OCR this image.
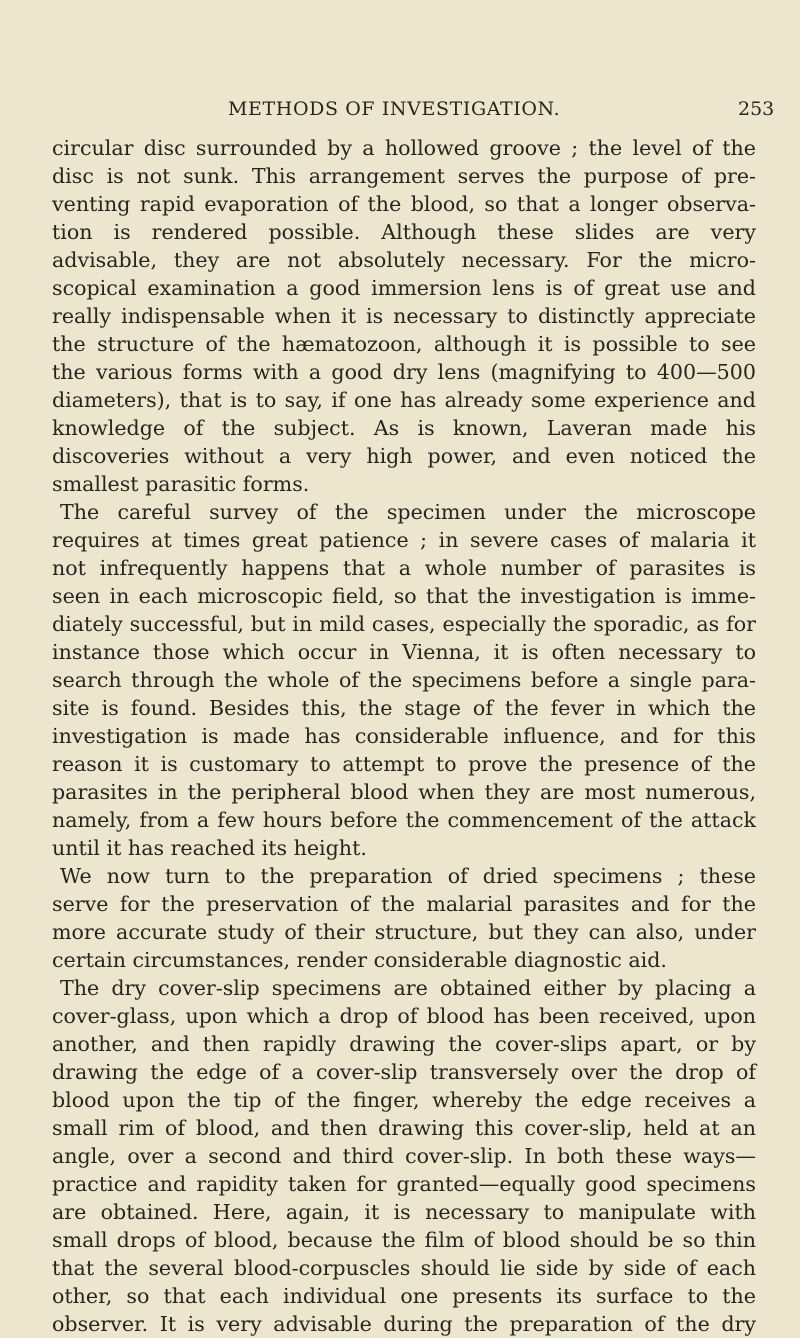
METHODS OF INVESTIGATION.	253
circular disc surrounded by a hollowed groove ; the level of the
disc is not sunk. This arrangement serves the purpose of pre-
venting rapid evaporation of the blood, so that a longer observa-
tion is rendered possible. Although these slides are very
advisable, they are not absolutely necessary. For the micro-
scopical examination a good immersion lens is of great use and
really indispensable when it is necessary to distinctly appreciate
the structure of the hæmatozoon, although it is possible to see
the various forms with a good dry lens (magnifying to 400—500
diameters), that is to say, if one has already some experience and
knowledge of the subject. As is known, Laveran made his
discoveries without a very high power, and even noticed the
smallest parasitic forms.
The careful survey of the specimen under the microscope
requires at times great patience ; in severe cases of malaria it
not infrequently happens that a whole number of parasites is
seen in each microscopic field, so that the investigation is imme-
diately successful, but in mild cases, especially the sporadic, as for
instance those which occur in Vienna, it is often necessary to
search through the whole of the specimens before a single para-
site is found. Besides this, the stage of the fever in which the
investigation is made has considerable influence, and for this
reason it is customary to attempt to prove the presence of the
parasites in the peripheral blood when they are most numerous,
namely, from a few hours before the commencement of the attack
until it has reached its height.
We now turn to the preparation of dried specimens ; these
serve for the preservation of the malarial parasites and for the
more accurate study of their structure, but they can also, under
certain circumstances, render considerable diagnostic aid.
The dry cover-slip specimens are obtained either by placing a
cover-glass, upon which a drop of blood has been received, upon
another, and then rapidly drawing the cover-slips apart, or by
drawing the edge of a cover-slip transversely over the drop of
blood upon the tip of the finger, whereby the edge receives a
small rim of blood, and then drawing this cover-slip, held at an
angle, over a second and third cover-slip. In both these ways—
practice and rapidity taken for granted—equally good specimens
are obtained. Here, again, it is necessary to manipulate with
small drops of blood, because the film of blood should be so thin
that the several blood-corpuscles should lie side by side of each
other, so that each individual one presents its surface to the
observer. It is very advisable during the preparation of the dry
